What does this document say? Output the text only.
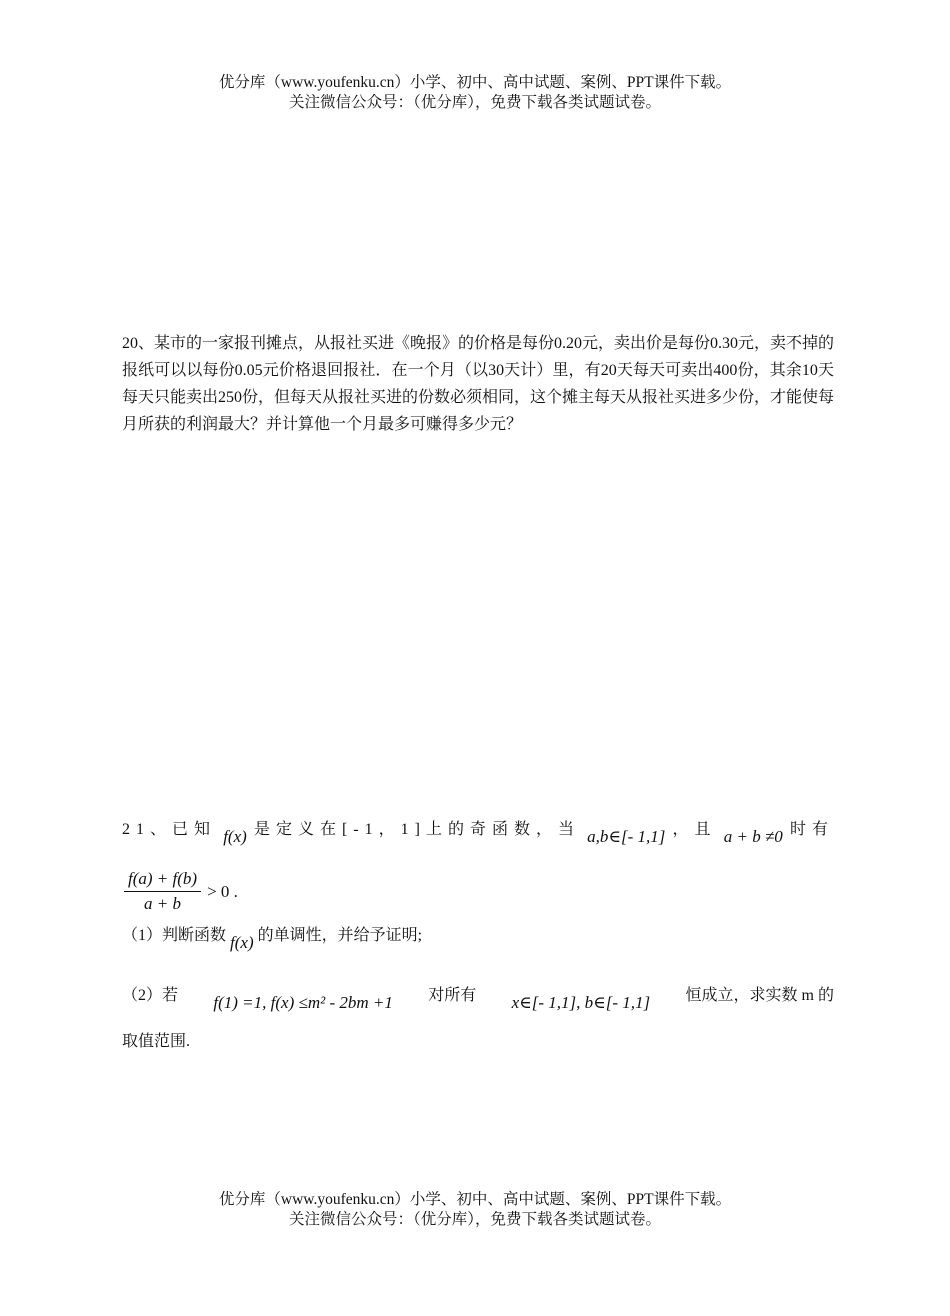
优分库（www.youfenku.cn）小学、初中、高中试题、案例、PPT课件下载。
关注微信公众号：（优分库），免费下载各类试题试卷。
20、某市的一家报刊摊点，从报社买进《晚报》的价格是每份0.20元，卖出价是每份0.30元，卖不掉的报纸可以以每份0.05元价格退回报社．在一个月（以30天计）里，有20天每天可卖出400份，其余10天每天只能卖出250份，但每天从报社买进的份数必须相同，这个摊主每天从报社买进多少份，才能使每月所获的利润最大？并计算他一个月最多可赚得多少元？
21、已知 f(x) 是定义在[-1，1]上的奇函数，当 a,b∈[- 1,1] ，且 a + b ≠0 时有
$\frac{f(a) + f(b)}{a + b} > 0$ .
（1）判断函数 f(x) 的单调性，并给予证明;
（2）若 f(1) =1, f(x) ≤m² - 2bm +1 对所有 x∈[- 1,1], b∈[- 1,1] 恒成立，求实数 m 的
取值范围.
优分库（www.youfenku.cn）小学、初中、高中试题、案例、PPT课件下载。
关注微信公众号：（优分库），免费下载各类试题试卷。
